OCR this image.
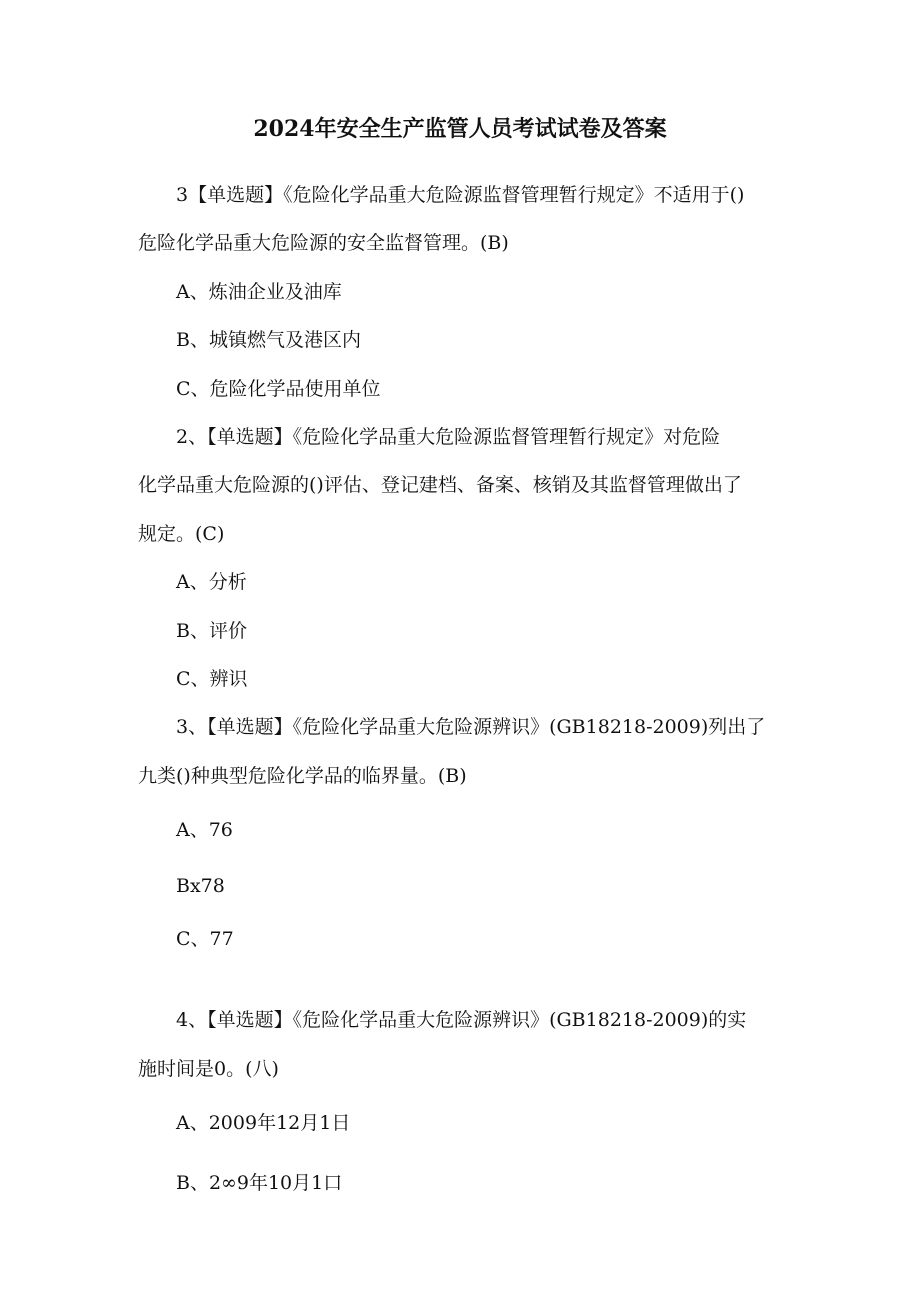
2024年安全生产监管人员考试试卷及答案
3【单选题】《危险化学品重大危险源监督管理暂行规定》不适用于()
危险化学品重大危险源的安全监督管理。(B)
A、炼油企业及油库
B、城镇燃气及港区内
C、危险化学品使用单位
2、【单选题】《危险化学品重大危险源监督管理暂行规定》对危险
化学品重大危险源的()评估、登记建档、备案、核销及其监督管理做出了
规定。(C)
A、分析
B、评价
C、辨识
3、【单选题】《危险化学品重大危险源辨识》(GB18218-2009)列出了
九类()种典型危险化学品的临界量。(B)
A、76
Bx78
C、77
4、【单选题】《危险化学品重大危险源辨识》(GB18218-2009)的实
施时间是0。(八)
A、2009年12月1日
B、2∞9年10月1口
